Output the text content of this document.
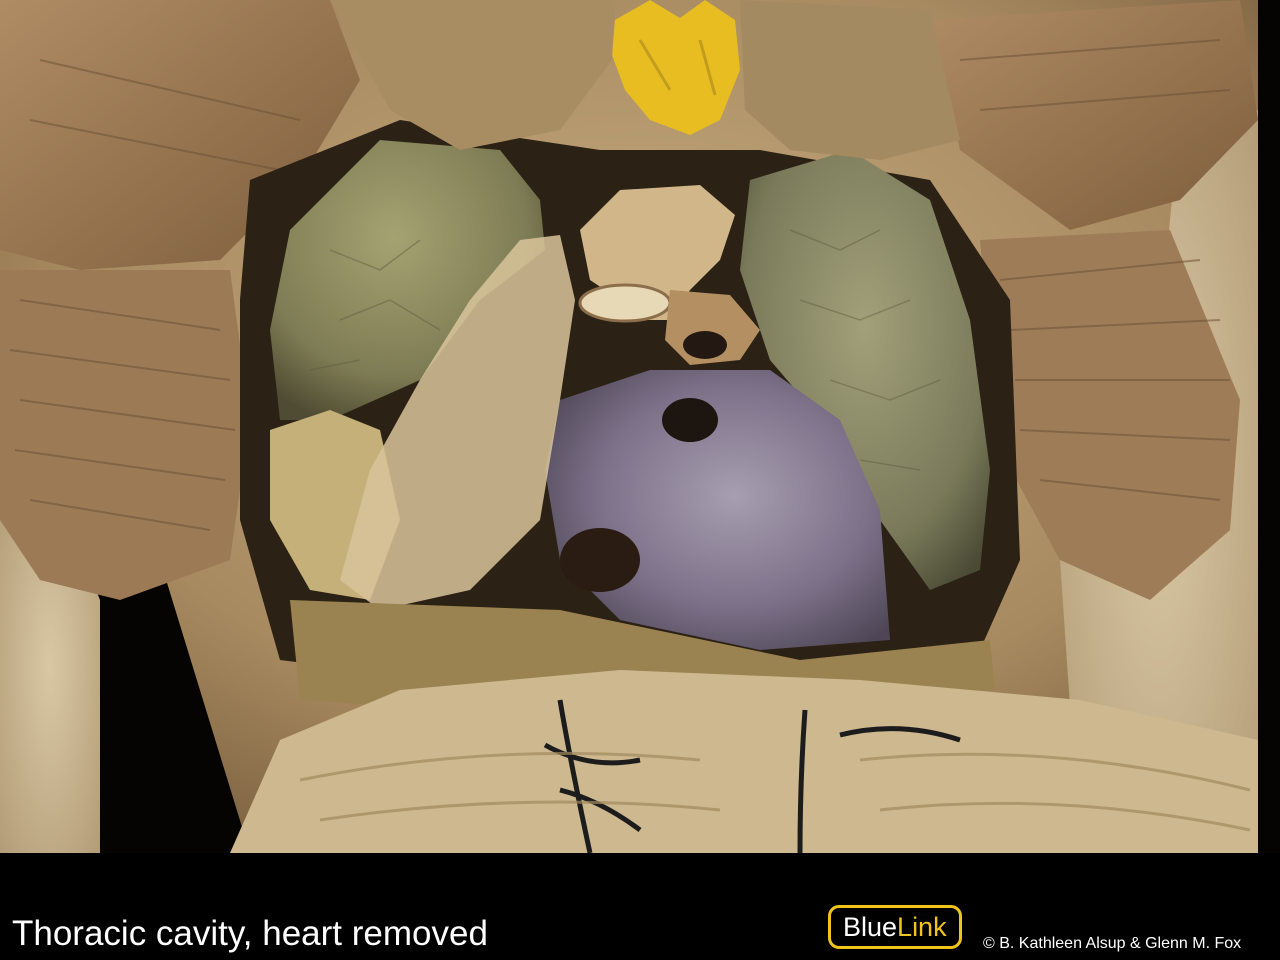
Thoracic cavity, heart removed	Blue Link
© B. Kathleen Alsup & Glenn M. Fox
